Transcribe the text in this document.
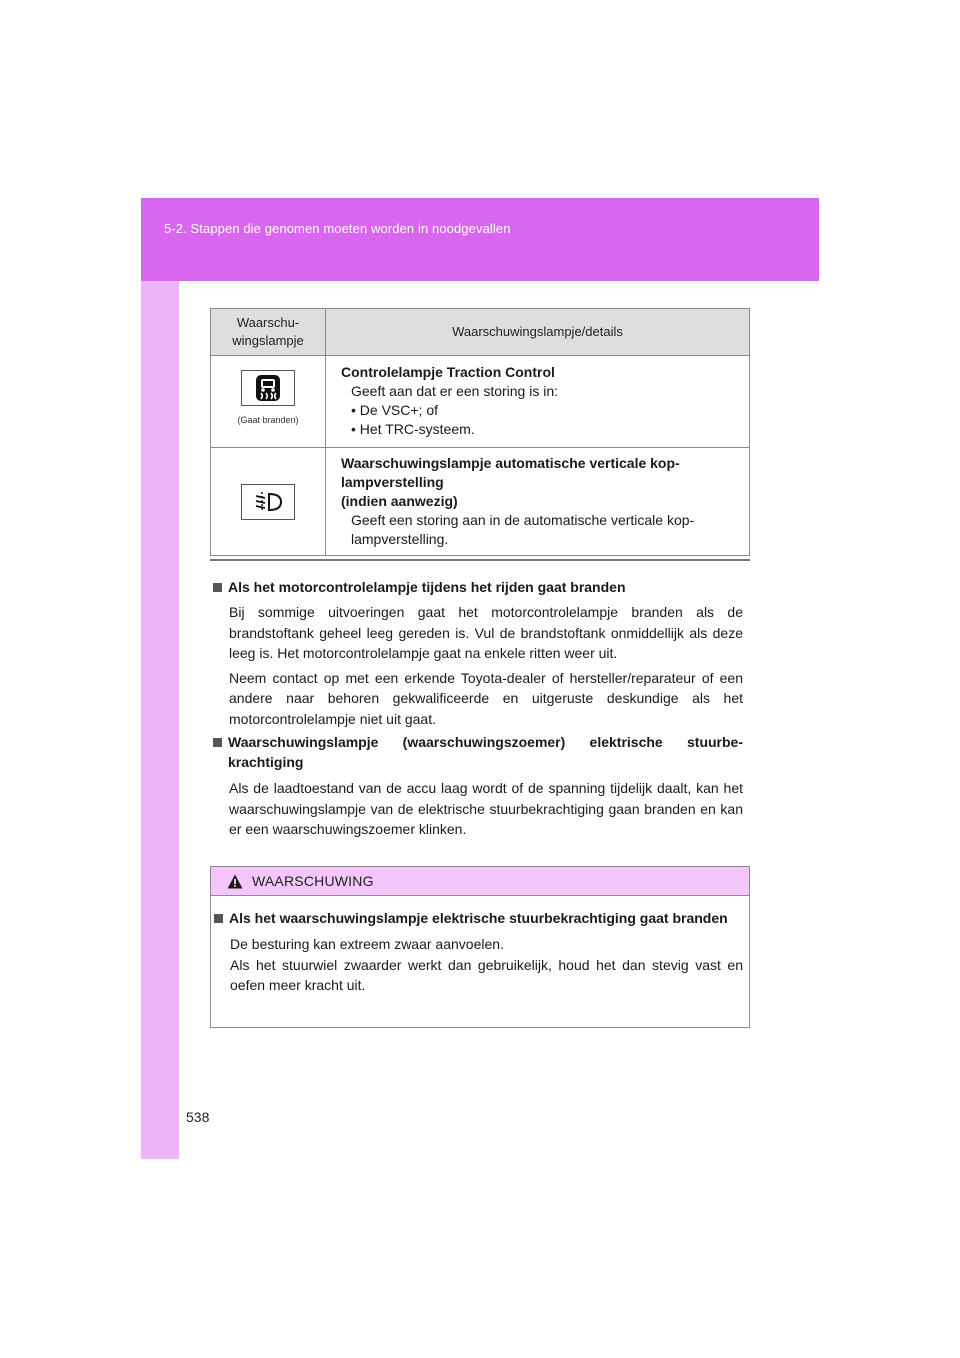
5-2. Stappen die genomen moeten worden in noodgevallen
Waarschu-
wingslampje	Waarschuwingslampje/details

(Gaat branden)	Controlelampje Traction Control
Geeft aan dat er een storing is in:
• De VSC+; of
• Het TRC-systeem.

Waarschuwingslampje automatische verticale kop-
lampverstelling
(indien aanwezig)
Geeft een storing aan in de automatische verticale kop-
lampverstelling.
Als het motorcontrolelampje tijdens het rijden gaat branden
Bij sommige uitvoeringen gaat het motorcontrolelampje branden als de brandstoftank geheel leeg gereden is. Vul de brandstoftank onmiddellijk als deze leeg is. Het motorcontrolelampje gaat na enkele ritten weer uit.
Neem contact op met een erkende Toyota-dealer of hersteller/reparateur of een andere naar behoren gekwalificeerde en uitgeruste deskundige als het motorcontrolelampje niet uit gaat.
Waarschuwingslampje (waarschuwingszoemer) elektrische stuurbe-krachtiging
Als de laadtoestand van de accu laag wordt of de spanning tijdelijk daalt, kan het waarschuwingslampje van de elektrische stuurbekrachtiging gaan branden en kan er een waarschuwingszoemer klinken.
WAARSCHUWING
Als het waarschuwingslampje elektrische stuurbekrachtiging gaat branden
De besturing kan extreem zwaar aanvoelen.
Als het stuurwiel zwaarder werkt dan gebruikelijk, houd het dan stevig vast en oefen meer kracht uit.
538
